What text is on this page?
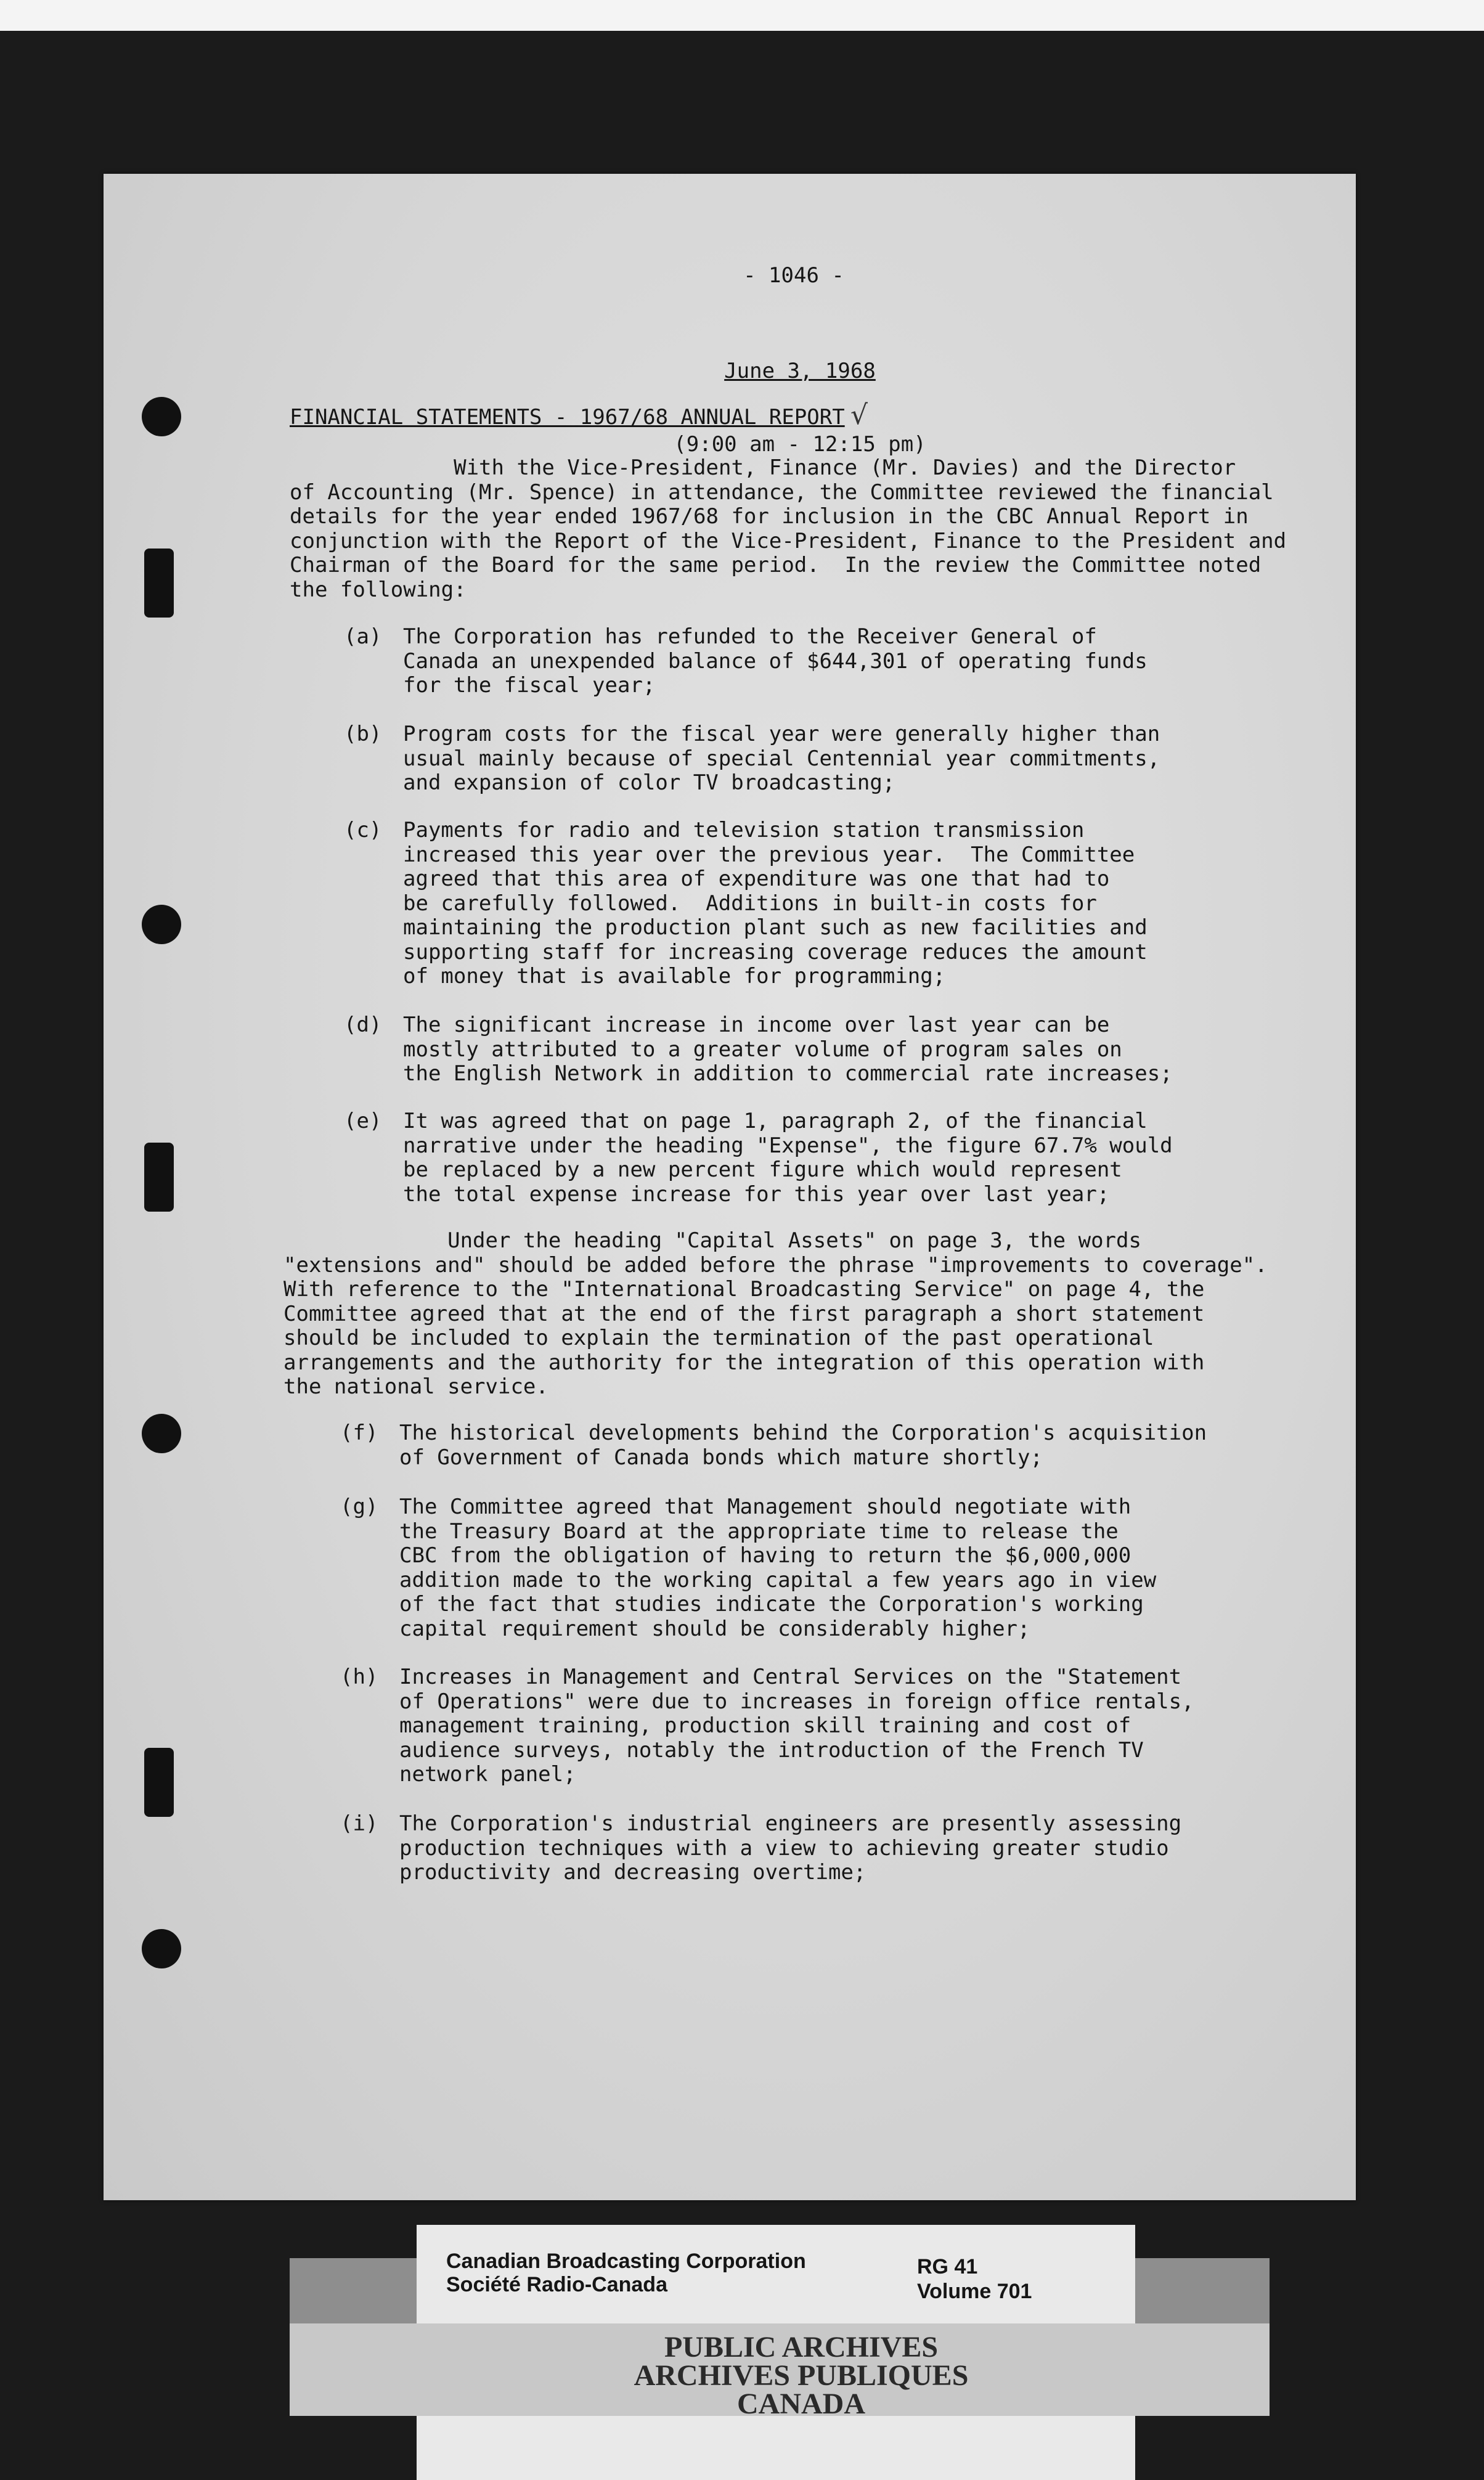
- 1046 -

June 3, 1968

(9:00 am - 12:15 pm)

FINANCIAL STATEMENTS - 1967/68 ANNUAL REPORT √
With the Vice-President, Finance (Mr. Davies) and the Director
of Accounting (Mr. Spence) in attendance, the Committee reviewed the financial
details for the year ended 1967/68 for inclusion in the CBC Annual Report in
conjunction with the Report of the Vice-President, Finance to the President and
Chairman of the Board for the same period.  In the review the Committee noted
the following:

(a)

The Corporation has refunded to the Receiver General of
Canada an unexpended balance of $644,301 of operating funds
for the fiscal year;

(b)

Program costs for the fiscal year were generally higher than
usual mainly because of special Centennial year commitments,
and expansion of color TV broadcasting;

(c)

Payments for radio and television station transmission
increased this year over the previous year.  The Committee
agreed that this area of expenditure was one that had to
be carefully followed.  Additions in built-in costs for
maintaining the production plant such as new facilities and
supporting staff for increasing coverage reduces the amount
of money that is available for programming;

(d)

The significant increase in income over last year can be
mostly attributed to a greater volume of program sales on
the English Network in addition to commercial rate increases;

(e)

It was agreed that on page 1, paragraph 2, of the financial
narrative under the heading "Expense", the figure 67.7% would
be replaced by a new percent figure which would represent
the total expense increase for this year over last year;

Under the heading "Capital Assets" on page 3, the words
"extensions and" should be added before the phrase "improvements to coverage".
With reference to the "International Broadcasting Service" on page 4, the
Committee agreed that at the end of the first paragraph a short statement
should be included to explain the termination of the past operational
arrangements and the authority for the integration of this operation with
the national service.

(f)

The historical developments behind the Corporation's acquisition
of Government of Canada bonds which mature shortly;

(g)

The Committee agreed that Management should negotiate with
the Treasury Board at the appropriate time to release the
CBC from the obligation of having to return the $6,000,000
addition made to the working capital a few years ago in view
of the fact that studies indicate the Corporation's working
capital requirement should be considerably higher;

(h)

Increases in Management and Central Services on the "Statement
of Operations" were due to increases in foreign office rentals,
management training, production skill training and cost of
audience surveys, notably the introduction of the French TV
network panel;

(i)

The Corporation's industrial engineers are presently assessing
production techniques with a view to achieving greater studio
productivity and decreasing overtime;

Canadian Broadcasting Corporation
Société Radio-Canada
RG 41
Volume 701
PUBLIC ARCHIVES
ARCHIVES PUBLIQUES
CANADA
